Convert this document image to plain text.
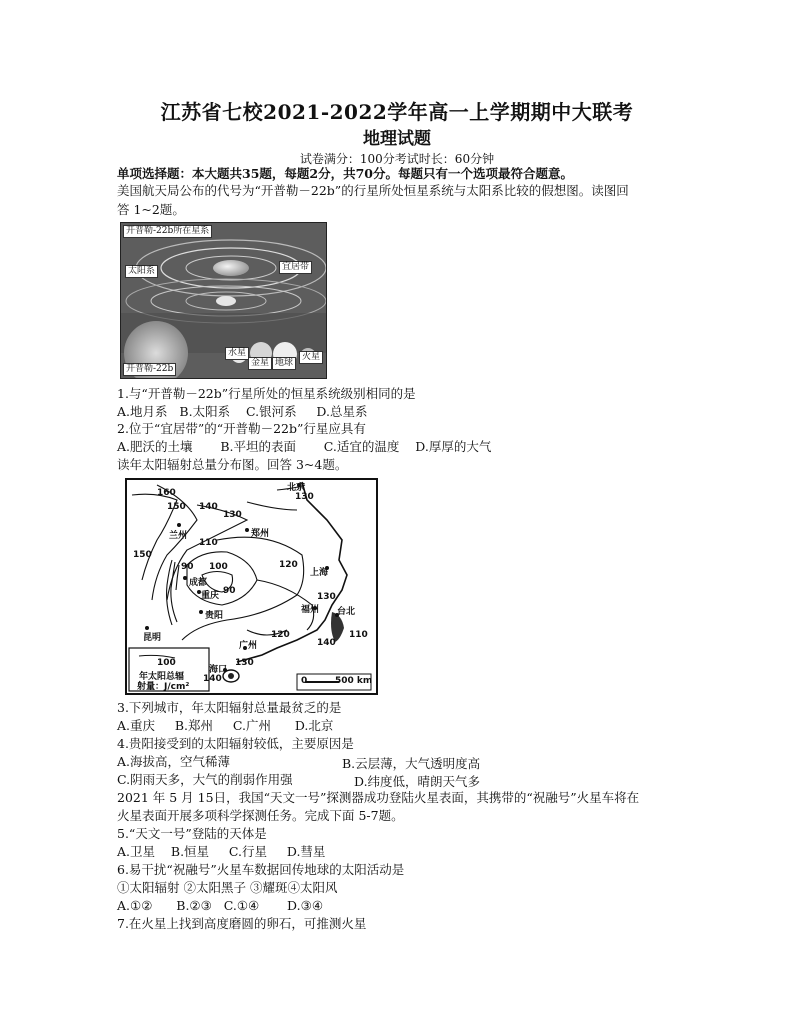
江苏省七校2021-2022学年高一上学期期中大联考
地理试题
试卷满分：100分考试时长：60分钟
单项选择题：本大题共35题，每题2分，共70分。每题只有一个选项最符合题意。
美国航天局公布的代号为“开普勒－22b”的行星所处恒星系统与太阳系比较的假想图。读图回
答 1~2题。
开普勒-22b所在星系
太阳系	宜居带
水星
金星 地球
火星
开普勒-22b
1.与“开普勒－22b”行星所处的恒星系统级别相同的是
A.地月系   B.太阳系    C.银河系     D.总星系
2.位于“宜居带”的“开普勒－22b”行星应具有
A.肥沃的土壤       B.平坦的表面       C.适宜的温度    D.厚厚的大气
读年太阳辐射总量分布图。回答 3~4题。
北京
兰州	郑州
成都
重庆
贵阳
昆明
上海
福州 台北
广州
海口
160
150 140
130
130
150
110
90 100
90
120
130
140
110
120
130
140
100
年太阳总辐
射量：J/cm²
0	500 km
3.下列城市，年太阳辐射总量最贫乏的是
A.重庆     B.郑州     C.广州      D.北京
4.贵阳接受到的太阳辐射较低，主要原因是
A.海拔高，空气稀薄	B.云层薄，大气透明度高
C.阴雨天多，大气的削弱作用强	D.纬度低，晴朗天气多
2021 年 5 月 15日，我国“天文一号”探测器成功登陆火星表面，其携带的“祝融号”火星车将在
火星表面开展多项科学探测任务。完成下面 5-7题。
5.“天文一号”登陆的天体是
A.卫星    B.恒星     C.行星     D.彗星
6.易干扰“祝融号”火星车数据回传地球的太阳活动是
①太阳辐射 ②太阳黑子 ③耀斑④太阳风
A.①②      B.②③   C.①④       D.③④
7.在火星上找到高度磨圆的卵石，可推测火星
